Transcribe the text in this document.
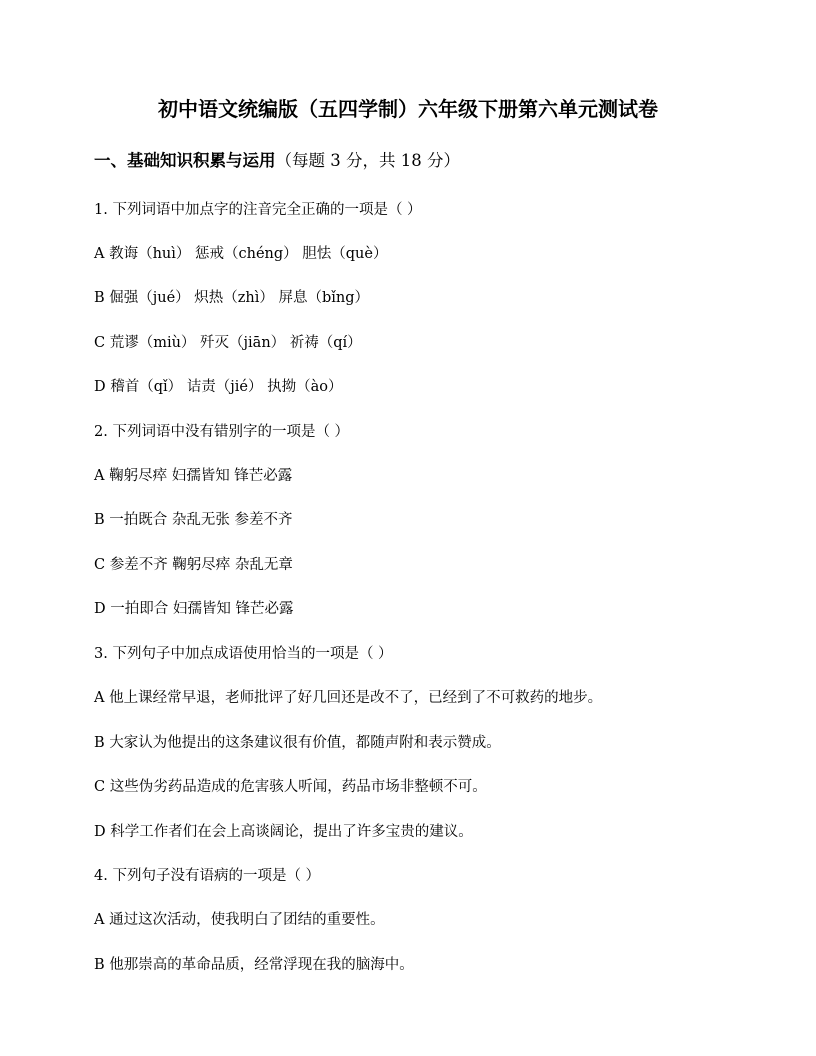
初中语文统编版（五四学制）六年级下册第六单元测试卷
一、基础知识积累与运用（每题 3 分，共 18 分）
1. 下列词语中加点字的注音完全正确的一项是（ ）
A 教诲（huì） 惩戒（chéng） 胆怯（què）
B 倔强（jué） 炽热（zhì） 屏息（bǐng）
C 荒谬（miù） 歼灭（jiān） 祈祷（qí）
D 稽首（qǐ） 诘责（jié） 执拗（ào）
2. 下列词语中没有错别字的一项是（ ）
A 鞠躬尽瘁 妇孺皆知 锋芒必露
B 一拍既合 杂乱无张 参差不齐
C 参差不齐 鞠躬尽瘁 杂乱无章
D 一拍即合 妇孺皆知 锋芒必露
3. 下列句子中加点成语使用恰当的一项是（ ）
A 他上课经常早退，老师批评了好几回还是改不了，已经到了不可救药的地步。
B 大家认为他提出的这条建议很有价值，都随声附和表示赞成。
C 这些伪劣药品造成的危害骇人听闻，药品市场非整顿不可。
D 科学工作者们在会上高谈阔论，提出了许多宝贵的建议。
4. 下列句子没有语病的一项是（ ）
A 通过这次活动，使我明白了团结的重要性。
B 他那崇高的革命品质，经常浮现在我的脑海中。
